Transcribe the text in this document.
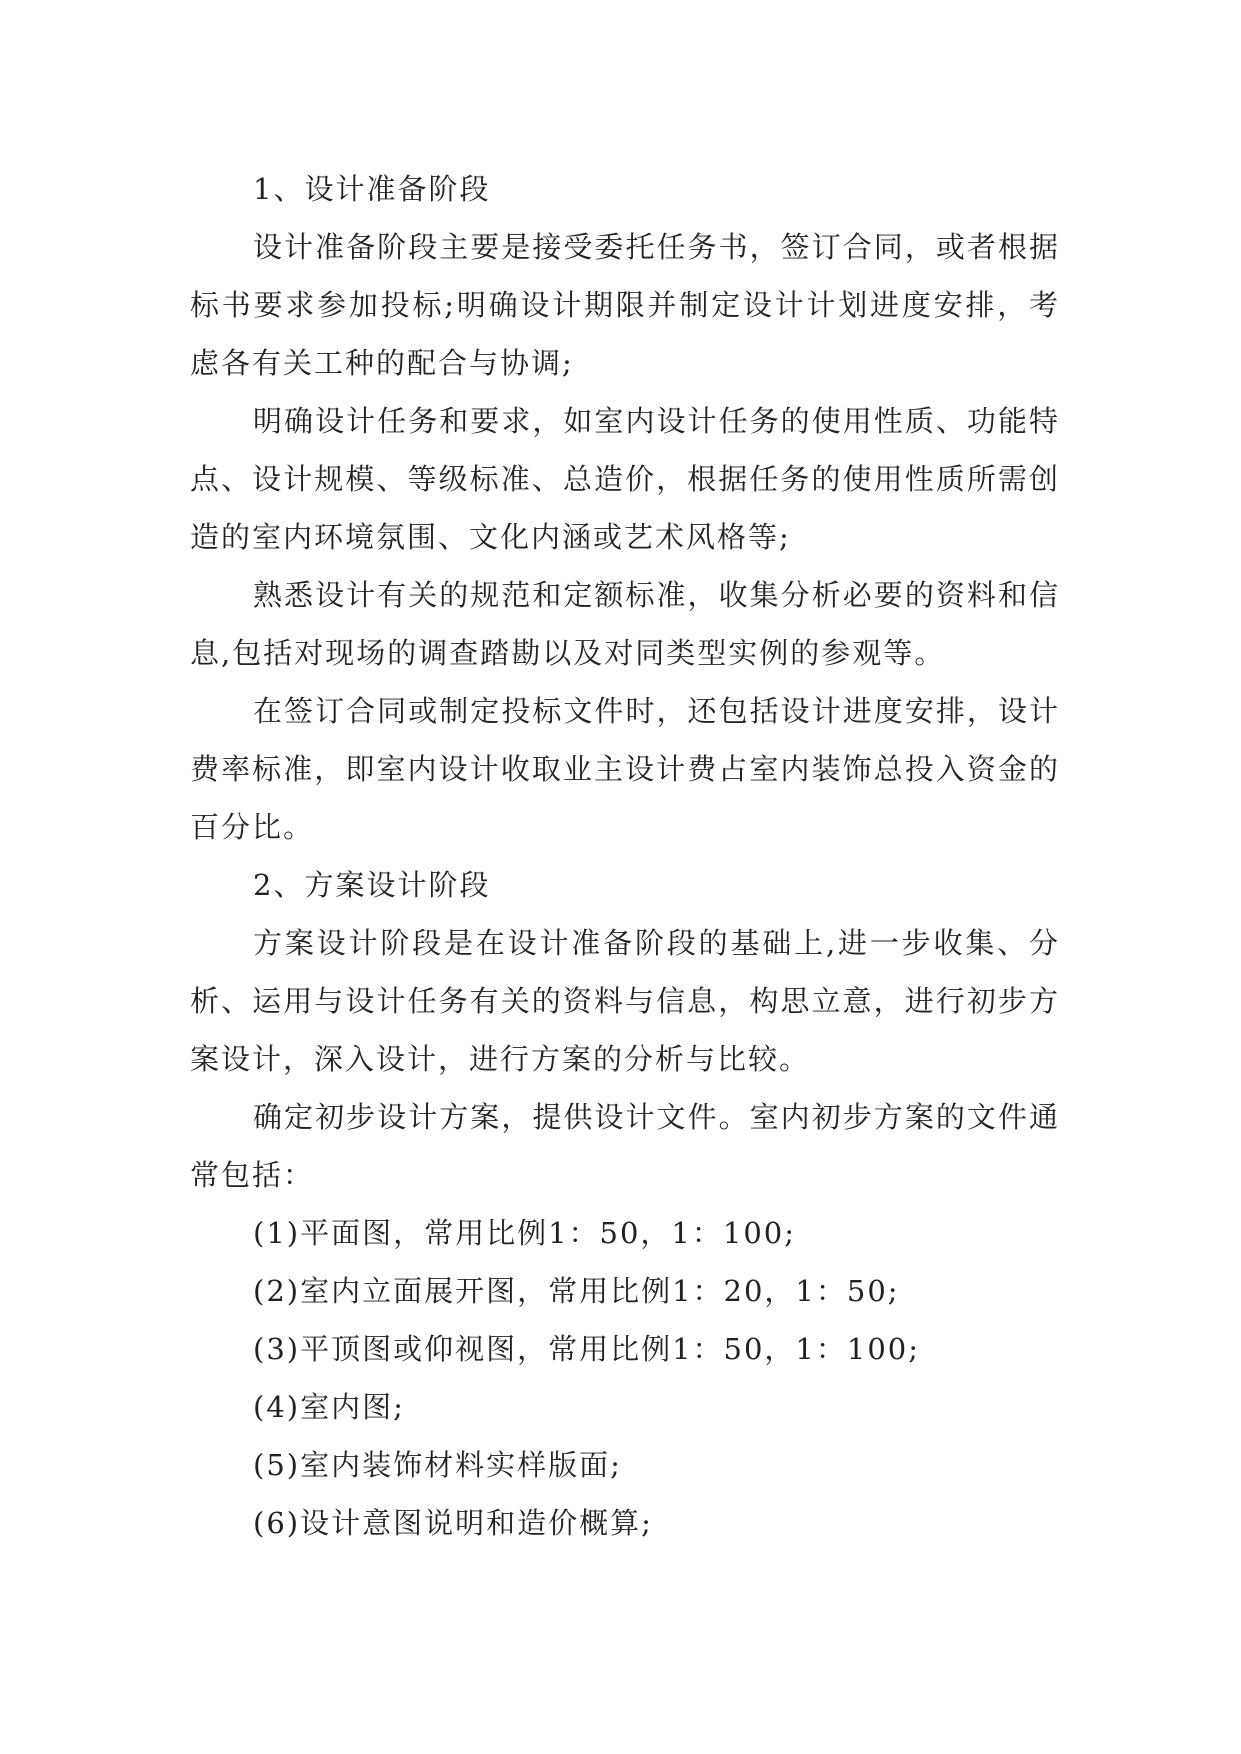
1、设计准备阶段

设计准备阶段主要是接受委托任务书，签订合同，或者根据标书要求参加投标;明确设计期限并制定设计计划进度安排，考虑各有关工种的配合与协调;

明确设计任务和要求，如室内设计任务的使用性质、功能特点、设计规模、等级标准、总造价，根据任务的使用性质所需创造的室内环境氛围、文化内涵或艺术风格等;

熟悉设计有关的规范和定额标准，收集分析必要的资料和信息,包括对现场的调查踏勘以及对同类型实例的参观等。

在签订合同或制定投标文件时，还包括设计进度安排，设计费率标准，即室内设计收取业主设计费占室内装饰总投入资金的百分比。

2、方案设计阶段

方案设计阶段是在设计准备阶段的基础上,进一步收集、分析、运用与设计任务有关的资料与信息，构思立意，进行初步方案设计，深入设计，进行方案的分析与比较。

确定初步设计方案，提供设计文件。室内初步方案的文件通常包括：

(1)平面图，常用比例1：50，1：100;

(2)室内立面展开图，常用比例1：20，1：50;

(3)平顶图或仰视图，常用比例1：50，1：100;

(4)室内图;

(5)室内装饰材料实样版面;

(6)设计意图说明和造价概算;
